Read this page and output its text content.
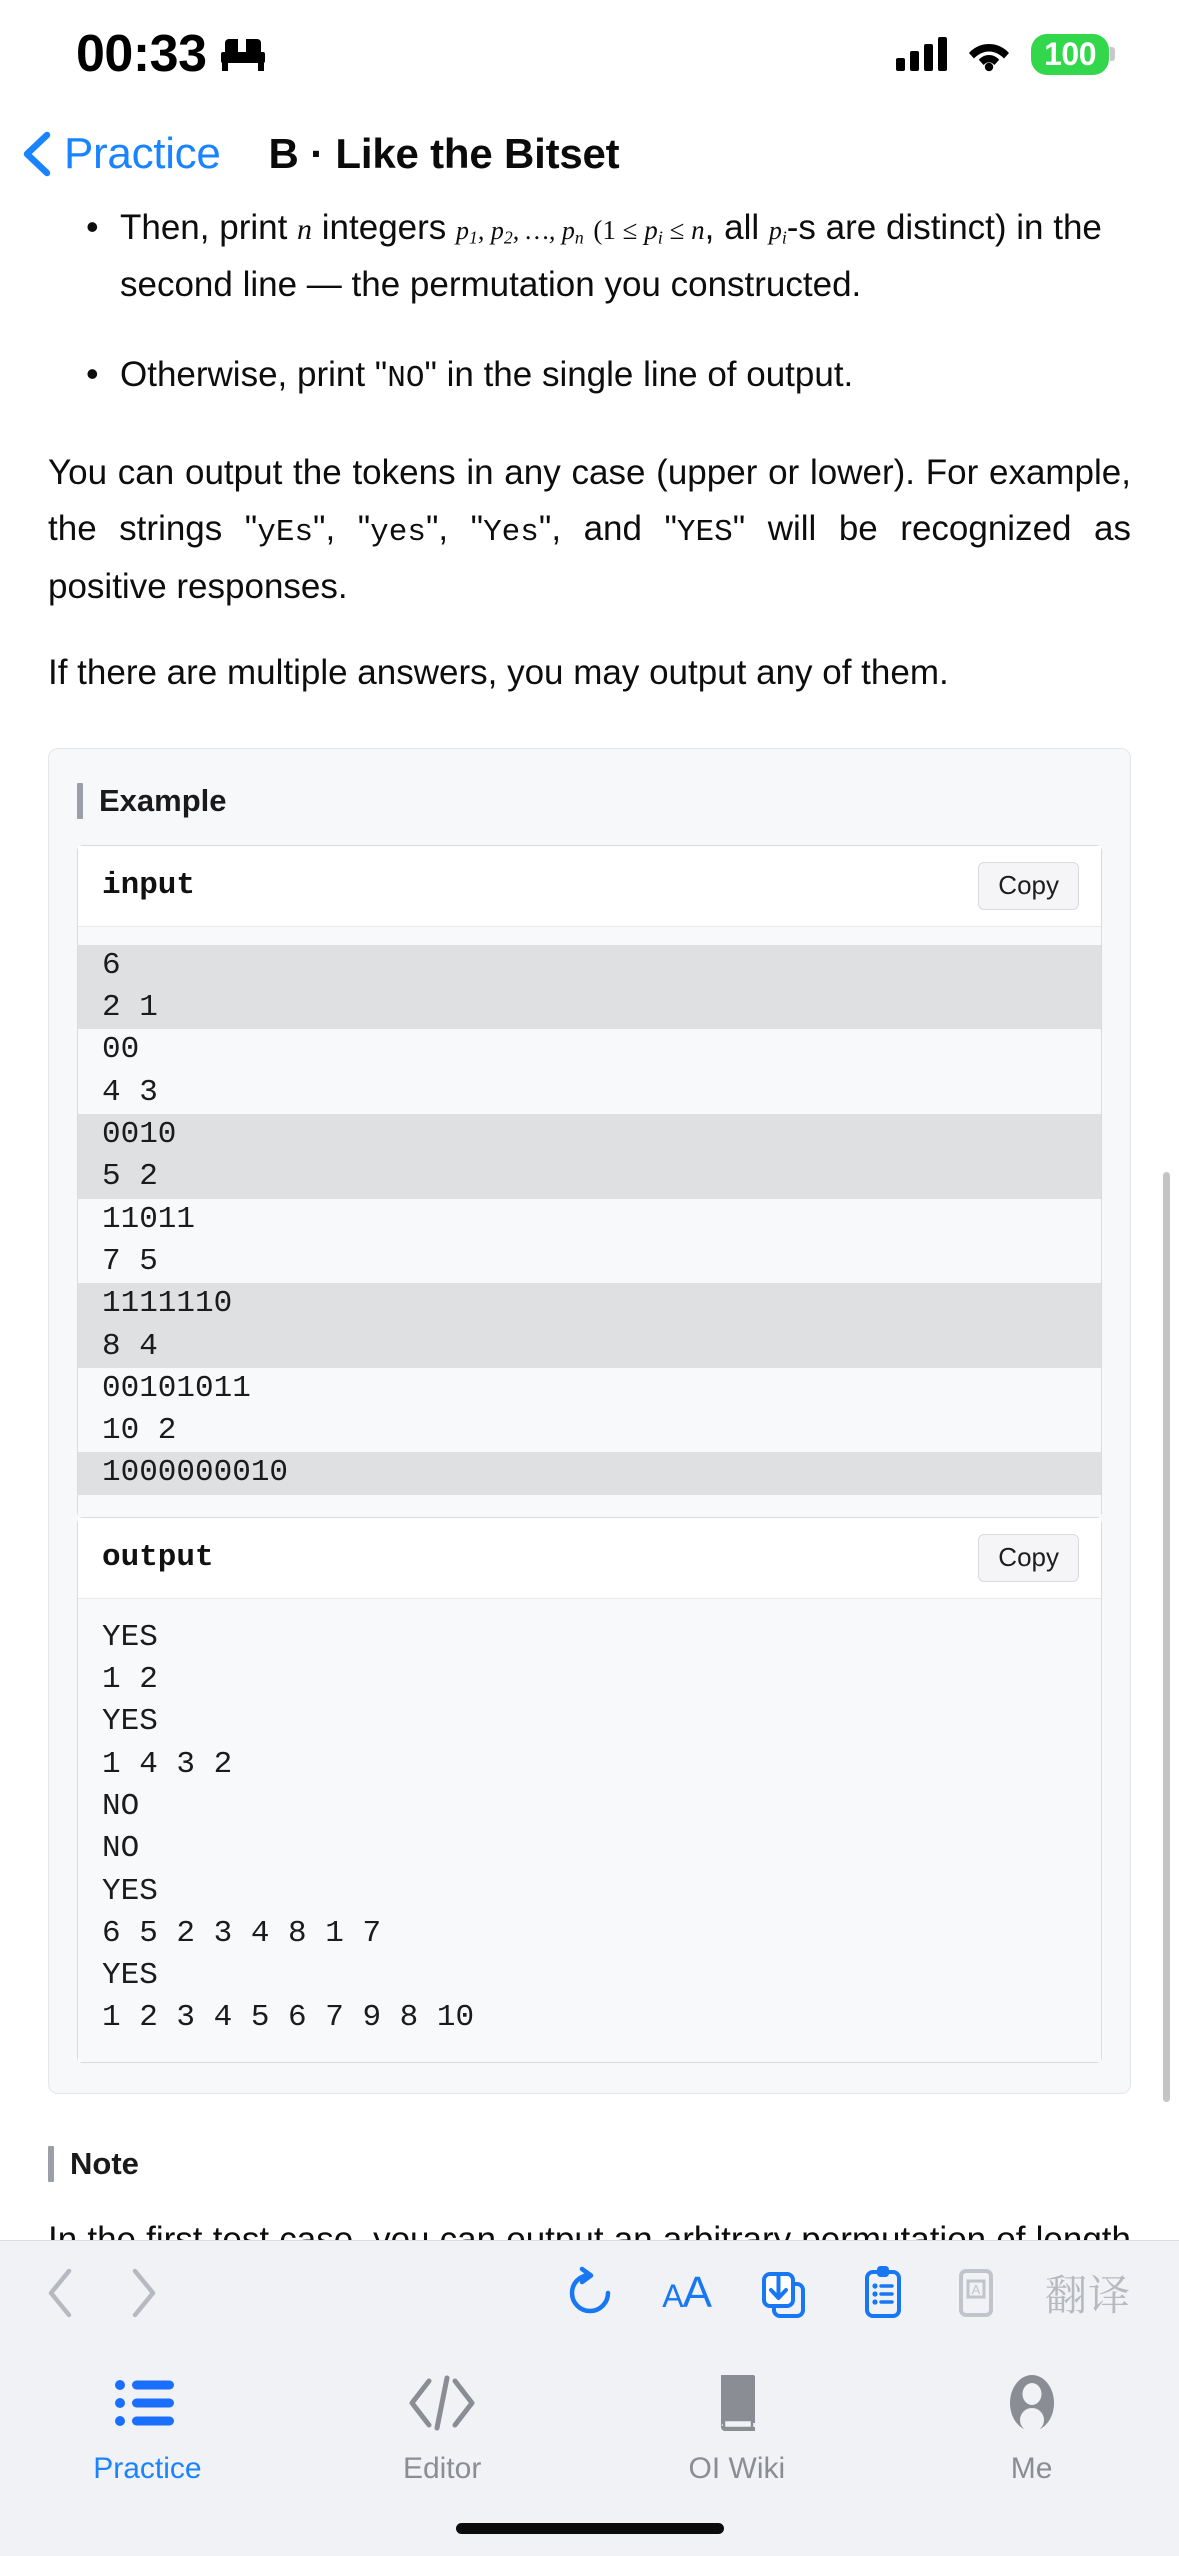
00:33	100
Practice B · Like the Bitset
• Then, print n integers $p_1$, $p_2$, …, $p_n$ ($1 \le p_i \le n$, all $p_i-s$ are distinct) in the second line — the permutation you constructed.
• Otherwise, print "NO" in the single line of output.

You can output the tokens in any case (upper or lower). For example, the strings "yEs", "yes", "Yes", and "YES" will be recognized as positive responses.

If there are multiple answers, you may output any of them.

Example
input	Copy
6
2 1
00
4 3
0010
5 2
11011
7 5
1111110
8 4
00101011
10 2
1000000010
output	Copy
YES
1 2
YES
1 4 3 2
NO
NO
YES
6 5 2 3 4 8 1 7
YES
1 2 3 4 5 6 7 9 8 10
Note

A A	A 翻译
Practice	Editor	OI Wiki	Me
